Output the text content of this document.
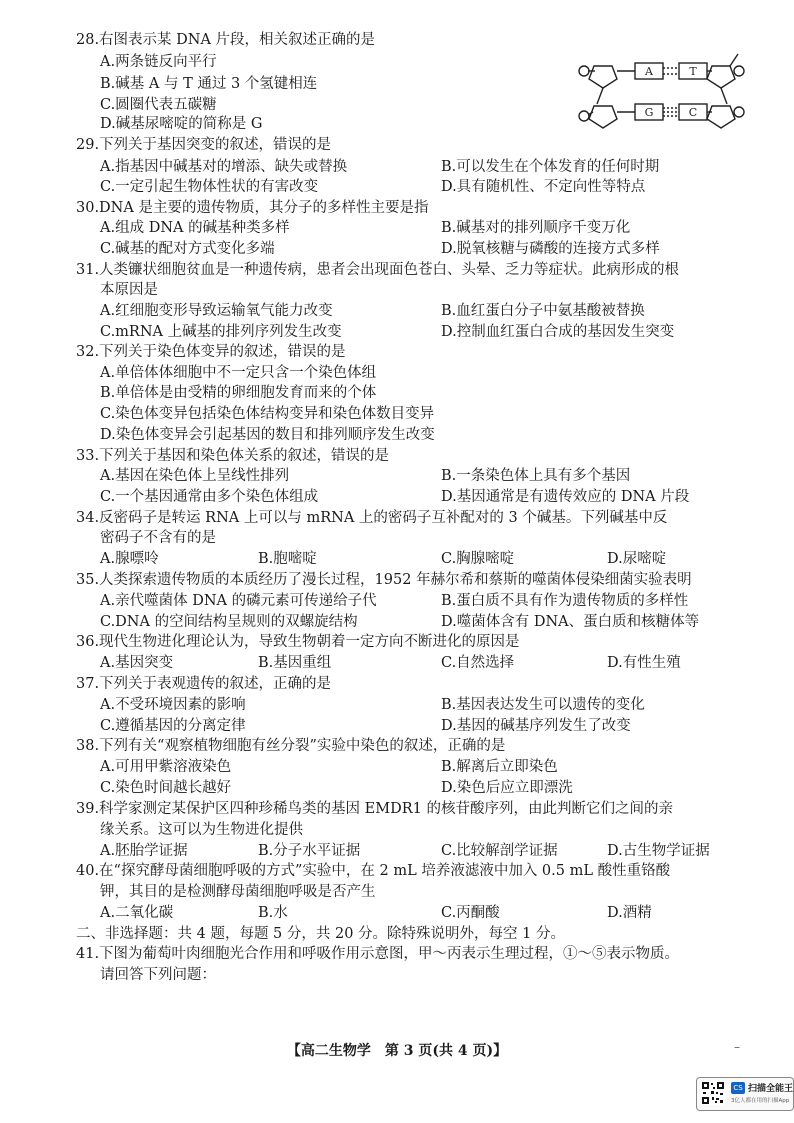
28.右图表示某 DNA 片段，相关叙述正确的是
A.两条链反向平行
B.碱基 A 与 T 通过 3 个氢键相连
C.圆圈代表五碳糖
D.碱基尿嘧啶的简称是 G
A	T
G	C
29.下列关于基因突变的叙述，错误的是
A.指基因中碱基对的增添、缺失或替换	B.可以发生在个体发育的任何时期
C.一定引起生物体性状的有害改变	D.具有随机性、不定向性等特点
30.DNA 是主要的遗传物质，其分子的多样性主要是指
A.组成 DNA 的碱基种类多样	B.碱基对的排列顺序千变万化
C.碱基的配对方式变化多端	D.脱氧核糖与磷酸的连接方式多样
31.人类镰状细胞贫血是一种遗传病，患者会出现面色苍白、头晕、乏力等症状。此病形成的根
本原因是
A.红细胞变形导致运输氧气能力改变	B.血红蛋白分子中氨基酸被替换
C.mRNA 上碱基的排列序列发生改变	D.控制血红蛋白合成的基因发生突变
32.下列关于染色体变异的叙述，错误的是
A.单倍体体细胞中不一定只含一个染色体组
B.单倍体是由受精的卵细胞发育而来的个体
C.染色体变异包括染色体结构变异和染色体数目变异
D.染色体变异会引起基因的数目和排列顺序发生改变
33.下列关于基因和染色体关系的叙述，错误的是
A.基因在染色体上呈线性排列	B.一条染色体上具有多个基因
C.一个基因通常由多个染色体组成	D.基因通常是有遗传效应的 DNA 片段
34.反密码子是转运 RNA 上可以与 mRNA 上的密码子互补配对的 3 个碱基。下列碱基中反
密码子不含有的是
A.腺嘌呤	B.胞嘧啶	C.胸腺嘧啶	D.尿嘧啶
35.人类探索遗传物质的本质经历了漫长过程，1952 年赫尔希和蔡斯的噬菌体侵染细菌实验表明
A.亲代噬菌体 DNA 的磷元素可传递给子代	B.蛋白质不具有作为遗传物质的多样性
C.DNA 的空间结构呈规则的双螺旋结构	D.噬菌体含有 DNA、蛋白质和核糖体等
36.现代生物进化理论认为，导致生物朝着一定方向不断进化的原因是
A.基因突变	B.基因重组	C.自然选择	D.有性生殖
37.下列关于表观遗传的叙述，正确的是
A.不受环境因素的影响	B.基因表达发生可以遗传的变化
C.遵循基因的分离定律	D.基因的碱基序列发生了改变
38.下列有关“观察植物细胞有丝分裂”实验中染色的叙述，正确的是
A.可用甲紫溶液染色	B.解离后立即染色
C.染色时间越长越好	D.染色后应立即漂洗
39.科学家测定某保护区四种珍稀鸟类的基因 EMDR1 的核苷酸序列，由此判断它们之间的亲
缘关系。这可以为生物进化提供
A.胚胎学证据	B.分子水平证据	C.比较解剖学证据	D.古生物学证据
40.在“探究酵母菌细胞呼吸的方式”实验中，在 2 mL 培养液滤液中加入 0.5 mL 酸性重铬酸
钾，其目的是检测酵母菌细胞呼吸是否产生
A.二氧化碳	B.水	C.丙酮酸	D.酒精
二、非选择题：共 4 题，每题 5 分，共 20 分。除特殊说明外，每空 1 分。
41.下图为葡萄叶肉细胞光合作用和呼吸作用示意图，甲～丙表示生理过程，①～⑤表示物质。
请回答下列问题：
【高二生物学　第 3 页(共 4 页)】	–
CS 扫描全能王
3亿人都在用的扫描App
